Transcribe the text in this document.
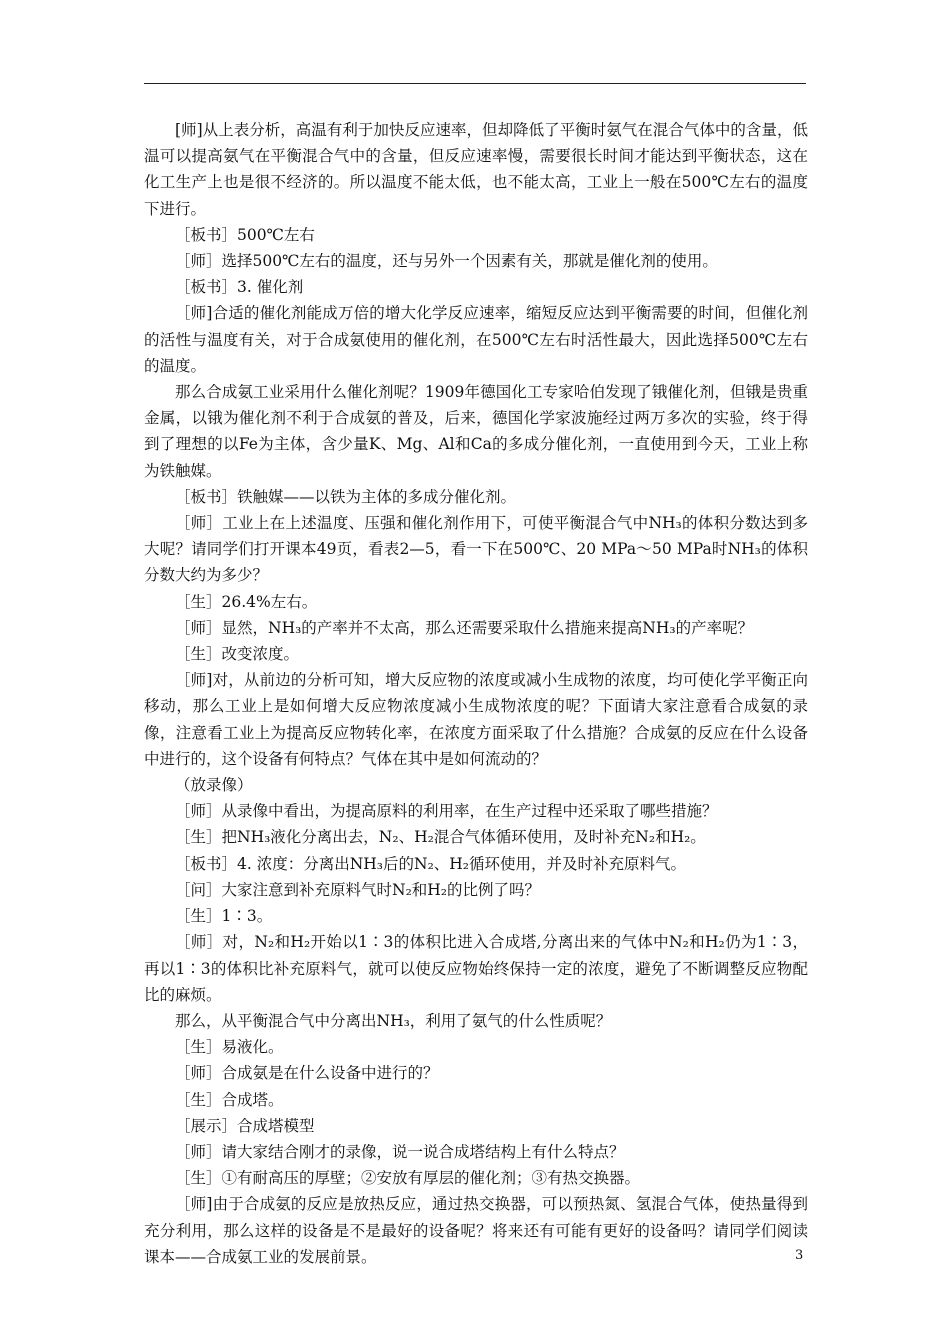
[师]从上表分析，高温有利于加快反应速率，但却降低了平衡时氨气在混合气体中的含量，低温可以提高氨气在平衡混合气中的含量，但反应速率慢，需要很长时间才能达到平衡状态，这在化工生产上也是很不经济的。所以温度不能太低，也不能太高，工业上一般在500℃左右的温度下进行。

［板书］500℃左右

［师］选择500℃左右的温度，还与另外一个因素有关，那就是催化剂的使用。

［板书］3. 催化剂

［师]合适的催化剂能成万倍的增大化学反应速率，缩短反应达到平衡需要的时间，但催化剂的活性与温度有关，对于合成氨使用的催化剂，在500℃左右时活性最大，因此选择500℃左右的温度。

那么合成氨工业采用什么催化剂呢？1909年德国化工专家哈伯发现了锇催化剂，但锇是贵重金属，以锇为催化剂不利于合成氨的普及，后来，德国化学家波施经过两万多次的实验，终于得到了理想的以Fe为主体，含少量K、Mg、Al和Ca的多成分催化剂，一直使用到今天，工业上称为铁触媒。

［板书］铁触媒——以铁为主体的多成分催化剂。

［师］工业上在上述温度、压强和催化剂作用下，可使平衡混合气中NH₃的体积分数达到多大呢？请同学们打开课本49页，看表2—5，看一下在500℃、20 MPa～50 MPa时NH₃的体积分数大约为多少？

［生］26.4%左右。

［师］显然，NH₃的产率并不太高，那么还需要采取什么措施来提高NH₃的产率呢？

［生］改变浓度。

［师]对，从前边的分析可知，增大反应物的浓度或减小生成物的浓度，均可使化学平衡正向移动，那么工业上是如何增大反应物浓度减小生成物浓度的呢？下面请大家注意看合成氨的录像，注意看工业上为提高反应物转化率，在浓度方面采取了什么措施？合成氨的反应在什么设备中进行的，这个设备有何特点？气体在其中是如何流动的？

（放录像）

［师］从录像中看出，为提高原料的利用率，在生产过程中还采取了哪些措施？

［生］把NH₃液化分离出去，N₂、H₂混合气体循环使用，及时补充N₂和H₂。

［板书］4. 浓度：分离出NH₃后的N₂、H₂循环使用，并及时补充原料气。

［问］大家注意到补充原料气时N₂和H₂的比例了吗？

［生］1∶3。

［师］对，N₂和H₂开始以1∶3的体积比进入合成塔,分离出来的气体中N₂和H₂仍为1∶3，再以1∶3的体积比补充原料气，就可以使反应物始终保持一定的浓度，避免了不断调整反应物配比的麻烦。

那么，从平衡混合气中分离出NH₃，利用了氨气的什么性质呢？

［生］易液化。

［师］合成氨是在什么设备中进行的？

［生］合成塔。

［展示］合成塔模型

［师］请大家结合刚才的录像，说一说合成塔结构上有什么特点？

［生］①有耐高压的厚壁；②安放有厚层的催化剂；③有热交换器。

［师]由于合成氨的反应是放热反应，通过热交换器，可以预热氮、氢混合气体，使热量得到充分利用，那么这样的设备是不是最好的设备呢？将来还有可能有更好的设备吗？请同学们阅读课本——合成氨工业的发展前景。	3
